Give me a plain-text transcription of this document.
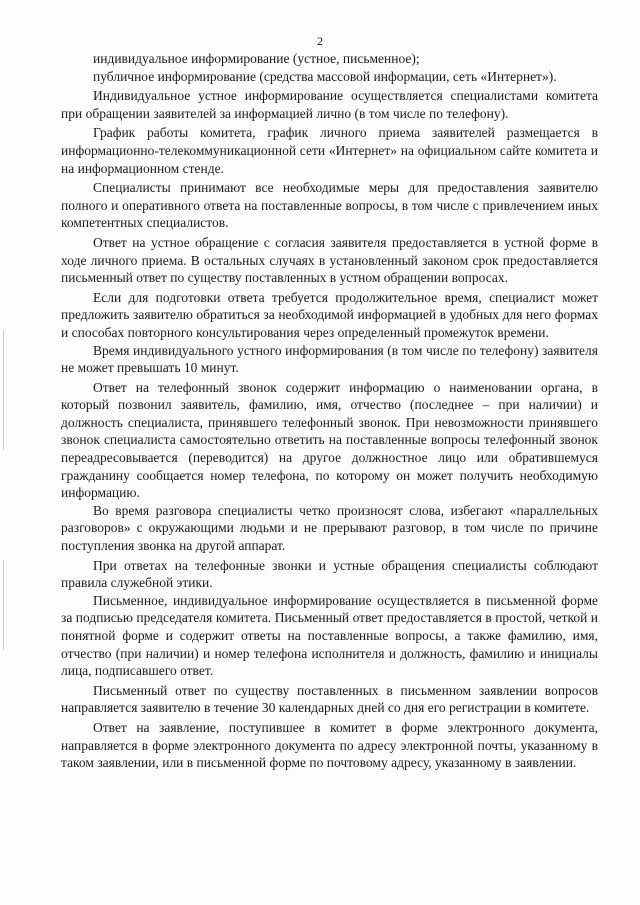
2

индивидуальное информирование (устное, письменное);

публичное информирование (средства массовой информации, сеть «Интернет»).

Индивидуальное устное информирование осуществляется специалистами комитета при обращении заявителей за информацией лично (в том числе по телефону).

График работы комитета, график личного приема заявителей размещается в информационно-телекоммуникационной сети «Интернет» на официальном сайте комитета и на информационном стенде.

Специалисты принимают все необходимые меры для предоставления заявителю полного и оперативного ответа на поставленные вопросы, в том числе с привлечением иных компетентных специалистов.

Ответ на устное обращение с согласия заявителя предоставляется в устной форме в ходе личного приема. В остальных случаях в установленный законом срок предоставляется письменный ответ по существу поставленных в устном обращении вопросах.

Если для подготовки ответа требуется продолжительное время, специалист может предложить заявителю обратиться за необходимой информацией в удобных для него формах и способах повторного консультирования через определенный промежуток времени.

Время индивидуального устного информирования (в том числе по телефону) заявителя не может превышать 10 минут.

Ответ на телефонный звонок содержит информацию о наименовании органа, в который позвонил заявитель, фамилию, имя, отчество (последнее – при наличии) и должность специалиста, принявшего телефонный звонок. При невозможности принявшего звонок специалиста самостоятельно ответить на поставленные вопросы телефонный звонок переадресовывается (переводится) на другое должностное лицо или обратившемуся гражданину сообщается номер телефона, по которому он может получить необходимую информацию.

Во время разговора специалисты четко произносят слова, избегают «параллельных разговоров» с окружающими людьми и не прерывают разговор, в том числе по причине поступления звонка на другой аппарат.

При ответах на телефонные звонки и устные обращения специалисты соблюдают правила служебной этики.

Письменное, индивидуальное информирование осуществляется в письменной форме за подписью председателя комитета. Письменный ответ предоставляется в простой, четкой и понятной форме и содержит ответы на поставленные вопросы, а также фамилию, имя, отчество (при наличии) и номер телефона исполнителя и должность, фамилию и инициалы лица, подписавшего ответ.

Письменный ответ по существу поставленных в письменном заявлении вопросов направляется заявителю в течение 30 календарных дней со дня его регистрации в комитете.

Ответ на заявление, поступившее в комитет в форме электронного документа, направляется в форме электронного документа по адресу электронной почты, указанному в таком заявлении, или в письменной форме по почтовому адресу, указанному в заявлении.
